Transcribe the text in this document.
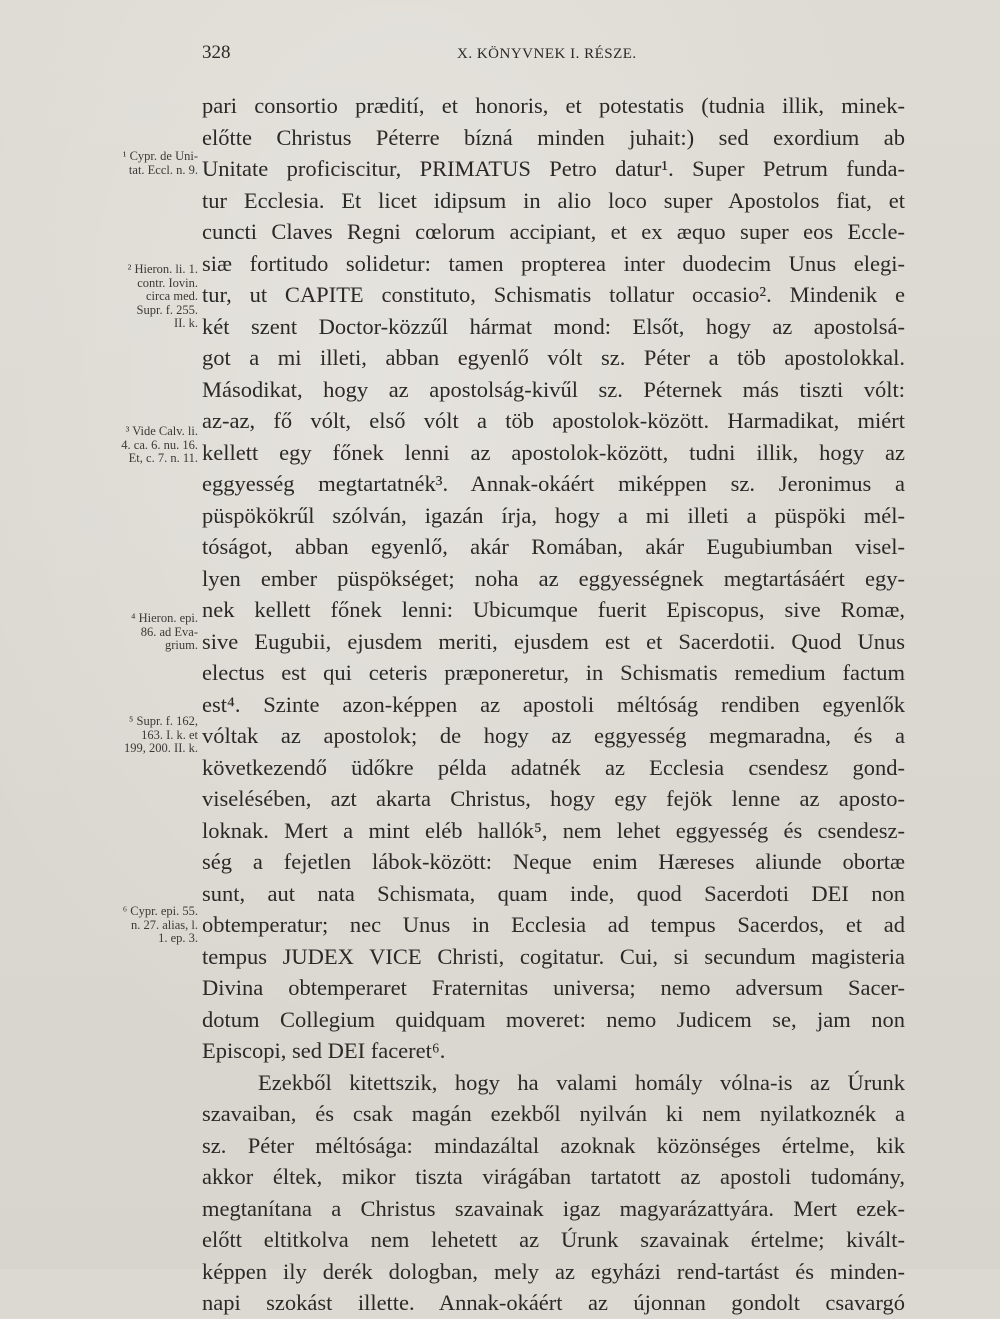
328	X. KÖNYVNEK I. RÉSZE.
pari consortio prædití, et honoris, et potestatis (tudnia illik, minek-
előtte Christus Péterre bízná minden juhait:) sed exordium ab
Unitate proficiscitur, PRIMATUS Petro datur¹. Super Petrum funda-
tur Ecclesia. Et licet idipsum in alio loco super Apostolos fiat, et
cuncti Claves Regni cœlorum accipiant, et ex æquo super eos Eccle-
siæ fortitudo solidetur: tamen propterea inter duodecim Unus elegi-
tur, ut CAPITE constituto, Schismatis tollatur occasio². Mindenik e
két szent Doctor-közzűl hármat mond: Elsőt, hogy az apostolsá-
got a mi illeti, abban egyenlő vólt sz. Péter a töb apostolokkal.
Másodikat, hogy az apostolság-kivűl sz. Péternek más tiszti vólt:
az-az, fő vólt, első vólt a töb apostolok-között. Harmadikat, miért
kellett egy főnek lenni az apostolok-között, tudni illik, hogy az
eggyesség megtartatnék³. Annak-okáért miképpen sz. Jeronimus a
püspökökrűl szólván, igazán írja, hogy a mi illeti a püspöki mél-
tóságot, abban egyenlő, akár Romában, akár Eugubiumban visel-
lyen ember püspökséget; noha az eggyességnek megtartásáért egy-
nek kellett főnek lenni: Ubicumque fuerit Episcopus, sive Romæ,
sive Eugubii, ejusdem meriti, ejusdem est et Sacerdotii. Quod Unus
electus est qui ceteris præponeretur, in Schismatis remedium factum
est⁴. Szinte azon-képpen az apostoli méltóság rendiben egyenlők
vóltak az apostolok; de hogy az eggyesség megmaradna, és a
következendő üdőkre példa adatnék az Ecclesia csendesz gond-
viselésében, azt akarta Christus, hogy egy fejök lenne az aposto-
loknak. Mert a mint eléb hallók⁵, nem lehet eggyesség és csendesz-
ség a fejetlen lábok-között: Neque enim Hæreses aliunde obortæ
sunt, aut nata Schismata, quam inde, quod Sacerdoti DEI non
obtemperatur; nec Unus in Ecclesia ad tempus Sacerdos, et ad
tempus JUDEX VICE Christi, cogitatur. Cui, si secundum magisteria
Divina obtemperaret Fraternitas universa; nemo adversum Sacer-
dotum Collegium quidquam moveret: nemo Judicem se, jam non
Episcopi, sed DEI faceret⁶.
Ezekből kitettszik, hogy ha valami homály vólna-is az Úrunk
szavaiban, és csak magán ezekből nyilván ki nem nyilatkoznék a
sz. Péter méltósága: mindazáltal azoknak közönséges értelme, kik
akkor éltek, mikor tiszta virágában tartatott az apostoli tudomány,
megtanítana a Christus szavainak igaz magyarázattyára. Mert ezek-
előtt eltitkolva nem lehetett az Úrunk szavainak értelme; kivált-
képpen ily derék dologban, mely az egyházi rend-tartást és minden-
napi szokást illette. Annak-okáért az újonnan gondolt csavargó
¹ Cypr. de Uni-
tat. Eccl. n. 9.
² Hieron. li. 1.
contr. Iovin.
circa med.
Supr. f. 255.
II. k.
³ Vide Calv. li.
4. ca. 6. nu. 16.
Et, c. 7. n. 11.
⁴ Hieron. epi.
86. ad Eva-
grium.
⁵ Supr. f. 162,
163. I. k. et
199, 200. II. k.
⁶ Cypr. epi. 55.
n. 27. alias, l.
1. ep. 3.
